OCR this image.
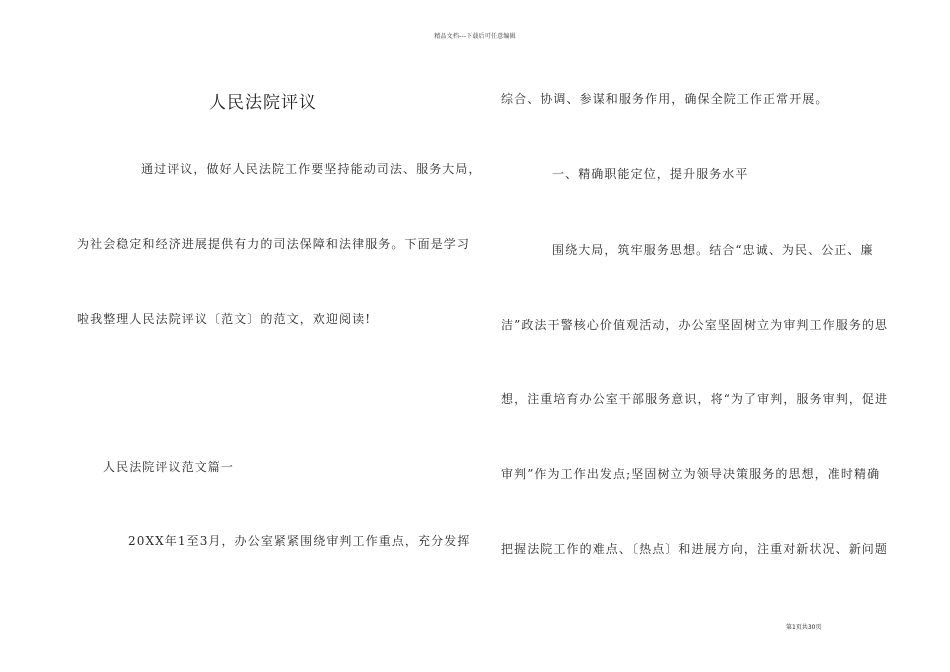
精品文档---下载后可任意编辑
人民法院评议
通过评议，做好人民法院工作要坚持能动司法、服务大局，
为社会稳定和经济进展提供有力的司法保障和法律服务。下面是学习
啦我整理人民法院评议〔范文〕的范文，欢迎阅读!
人民法院评议范文篇一
20XX年1至3月，办公室紧紧围绕审判工作重点，充分发挥
综合、协调、参谋和服务作用，确保全院工作正常开展。
一、精确职能定位，提升服务水平
围绕大局，筑牢服务思想。结合“忠诚、为民、公正、廉
洁”政法干警核心价值观活动，办公室坚固树立为审判工作服务的思
想，注重培育办公室干部服务意识，将“为了审判，服务审判，促进
审判”作为工作出发点;坚固树立为领导决策服务的思想，准时精确
把握法院工作的难点、〔热点〕和进展方向，注重对新状况、新问题
第1页共30页
